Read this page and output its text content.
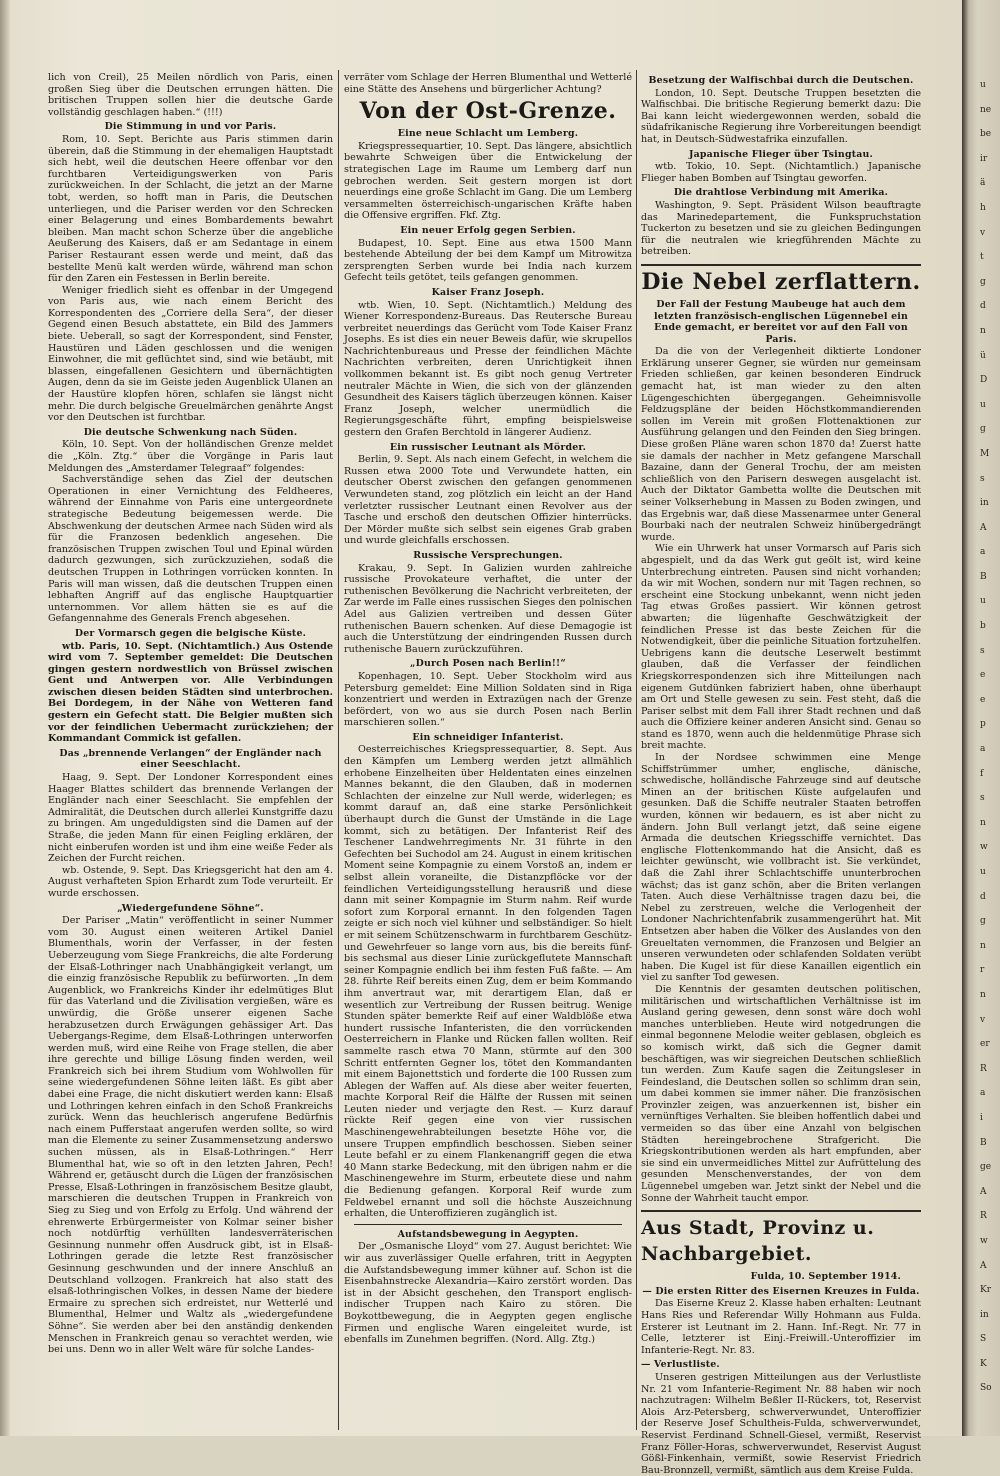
lich von Creil), 25 Meilen nördlich von Paris, einen großen Sieg über die Deutschen errungen hätten. Die britischen Truppen sollen hier die deutsche Garde vollständig geschlagen haben.“ (!!!)

Die Stimmung in und vor Paris.

Rom, 10. Sept. Berichte aus Paris stimmen darin überein, daß die Stimmung in der ehemaligen Hauptstadt sich hebt, weil die deutschen Heere offenbar vor den furchtbaren Verteidigungswerken von Paris zurückweichen. In der Schlacht, die jetzt an der Marne tobt, werden, so hofft man in Paris, die Deutschen unterliegen, und die Pariser werden vor den Schrecken einer Belagerung und eines Bombardements bewahrt bleiben. Man macht schon Scherze über die angebliche Aeußerung des Kaisers, daß er am Sedantage in einem Pariser Restaurant essen werde und meint, daß das bestellte Menü kalt werden würde, während man schon für den Zaren ein Festessen in Berlin bereite.

Weniger friedlich sieht es offenbar in der Umgegend von Paris aus, wie nach einem Bericht des Korrespondenten des „Corriere della Sera“, der dieser Gegend einen Besuch abstattete, ein Bild des Jammers biete. Ueberall, so sagt der Korrespondent, sind Fenster, Haustüren und Läden geschlossen und die wenigen Einwohner, die mit geflüchtet sind, sind wie betäubt, mit blassen, eingefallenen Gesichtern und übernächtigten Augen, denn da sie im Geiste jeden Augenblick Ulanen an der Haustüre klopfen hören, schlafen sie längst nicht mehr. Die durch belgische Greuelmärchen genährte Angst vor den Deutschen ist furchtbar.

Die deutsche Schwenkung nach Süden.

Köln, 10. Sept. Von der holländischen Grenze meldet die „Köln. Ztg.“ über die Vorgänge in Paris laut Meldungen des „Amsterdamer Telegraaf“ folgendes:

Sachverständige sehen das Ziel der deutschen Operationen in einer Vernichtung des Feldheeres, während der Einnahme von Paris eine untergeordnete strategische Bedeutung beigemessen werde. Die Abschwenkung der deutschen Armee nach Süden wird als für die Franzosen bedenklich angesehen. Die französischen Truppen zwischen Toul und Epinal würden dadurch gezwungen, sich zurückzuziehen, sodaß die deutschen Truppen in Lothringen vorrücken konnten. In Paris will man wissen, daß die deutschen Truppen einen lebhaften Angriff auf das englische Hauptquartier unternommen. Vor allem hätten sie es auf die Gefangennahme des Generals French abgesehen.

Der Vormarsch gegen die belgische Küste.

wtb. Paris, 10. Sept. (Nichtamtlich.) Aus Ostende wird vom 7. September gemeldet: Die Deutschen gingen gestern nordwestlich von Brüssel zwischen Gent und Antwerpen vor. Alle Verbindungen zwischen diesen beiden Städten sind unterbrochen. Bei Dordegem, in der Nähe von Wetteren fand gestern ein Gefecht statt. Die Belgier mußten sich vor der feindlichen Uebermacht zurückziehen; der Kommandant Commick ist gefallen.

Das „brennende Verlangen“ der Engländer nach einer Seeschlacht.

Haag, 9. Sept. Der Londoner Korrespondent eines Haager Blattes schildert das brennende Verlangen der Engländer nach einer Seeschlacht. Sie empfehlen der Admiralität, die Deutschen durch allerlei Kunstgriffe dazu zu bringen. Am ungeduldigsten sind die Damen auf der Straße, die jeden Mann für einen Feigling erklären, der nicht einberufen worden ist und ihm eine weiße Feder als Zeichen der Furcht reichen.

wb. Ostende, 9. Sept. Das Kriegsgericht hat den am 4. August verhafteten Spion Erhardt zum Tode verurteilt. Er wurde erschossen.

„Wiedergefundene Söhne“.

Der Pariser „Matin“ veröffentlicht in seiner Nummer vom 30. August einen weiteren Artikel Daniel Blumenthals, worin der Verfasser, in der festen Ueberzeugung vom Siege Frankreichs, die alte Forderung der Elsaß-Lothringer nach Unabhängigkeit verlangt, um die einzig französische Republik zu befürworten. „In dem Augenblick, wo Frankreichs Kinder ihr edelmütiges Blut für das Vaterland und die Zivilisation vergießen, wäre es unwürdig, die Größe unserer eigenen Sache herabzusetzen durch Erwägungen gehässiger Art. Das Uebergangs-Regime, dem Elsaß-Lothringen unterworfen werden muß, wird eine Reihe von Frage stellen, die aber ihre gerechte und billige Lösung finden werden, weil Frankreich sich bei ihrem Studium vom Wohlwollen für seine wiedergefundenen Söhne leiten läßt. Es gibt aber dabei eine Frage, die nicht diskutiert werden kann: Elsaß und Lothringen kehren einfach in den Schoß Frankreichs zurück. Wenn das heuchlerisch angerufene Bedürfnis nach einem Pufferstaat angerufen werden sollte, so wird man die Elemente zu seiner Zusammensetzung anderswo suchen müssen, als in Elsaß-Lothringen.“ Herr Blumenthal hat, wie so oft in den letzten Jahren, Pech! Während er, getäuscht durch die Lügen der französischen Presse, Elsaß-Lothringen in französischem Besitze glaubt, marschieren die deutschen Truppen in Frankreich von Sieg zu Sieg und von Erfolg zu Erfolg. Und während der ehrenwerte Erbürgermeister von Kolmar seiner bisher noch notdürftig verhüllten landesverräterischen Gesinnung nunmehr offen Ausdruck gibt, ist in Elsaß-Lothringen gerade die letzte Rest französischer Gesinnung geschwunden und der innere Anschluß an Deutschland vollzogen. Frankreich hat also statt des elsaß-lothringischen Volkes, in dessen Name der biedere Ermaire zu sprechen sich erdreistet, nur Wetterlé und Blumenthal, Helmer und Waltz als „wiedergefundene Söhne“. Sie werden aber bei den anständig denkenden Menschen in Frankreich genau so verachtet werden, wie bei uns. Denn wo in aller Welt wäre für solche Landes-

verräter vom Schlage der Herren Blumenthal und Wetterlé eine Stätte des Ansehens und bürgerlicher Achtung?

Von der Ost-Grenze.
Eine neue Schlacht um Lemberg.

Kriegspressequartier, 10. Sept. Das längere, absichtlich bewahrte Schweigen über die Entwickelung der strategischen Lage im Raume um Lemberg darf nun gebrochen werden. Seit gestern morgen ist dort neuerdings eine große Schlacht im Gang. Die um Lemberg versammelten österreichisch-ungarischen Kräfte haben die Offensive ergriffen. Fkf. Ztg.

Ein neuer Erfolg gegen Serbien.

Budapest, 10. Sept. Eine aus etwa 1500 Mann bestehende Abteilung der bei dem Kampf um Mitrowitza zersprengten Serben wurde bei India nach kurzem Gefecht teils getötet, teils gefangen genommen.

Kaiser Franz Joseph.

wtb. Wien, 10. Sept. (Nichtamtlich.) Meldung des Wiener Korrespondenz-Bureaus. Das Reutersche Bureau verbreitet neuerdings das Gerücht vom Tode Kaiser Franz Josephs. Es ist dies ein neuer Beweis dafür, wie skrupellos Nachrichtenbureaus und Presse der feindlichen Mächte Nachrichten verbreiten, deren Unrichtigkeit ihnen vollkommen bekannt ist. Es gibt noch genug Vertreter neutraler Mächte in Wien, die sich von der glänzenden Gesundheit des Kaisers täglich überzeugen können. Kaiser Franz Joseph, welcher unermüdlich die Regierungsgeschäfte führt, empfing beispielsweise gestern den Grafen Berchtold in längerer Audienz.

Ein russischer Leutnant als Mörder.

Berlin, 9. Sept. Als nach einem Gefecht, in welchem die Russen etwa 2000 Tote und Verwundete hatten, ein deutscher Oberst zwischen den gefangen genommenen Verwundeten stand, zog plötzlich ein leicht an der Hand verletzter russischer Leutnant einen Revolver aus der Tasche und erschoß den deutschen Offizier hinterrücks. Der Mörder mußte sich selbst sein eigenes Grab graben und wurde gleichfalls erschossen.

Russische Versprechungen.

Krakau, 9. Sept. In Galizien wurden zahlreiche russische Provokateure verhaftet, die unter der ruthenischen Bevölkerung die Nachricht verbreiteten, der Zar werde im Falle eines russischen Sieges den polnischen Adel aus Galizien vertreiben und dessen Güter ruthenischen Bauern schenken. Auf diese Demagogie ist auch die Unterstützung der eindringenden Russen durch ruthenische Bauern zurückzuführen.

„Durch Posen nach Berlin!!“

Kopenhagen, 10. Sept. Ueber Stockholm wird aus Petersburg gemeldet: Eine Million Soldaten sind in Riga konzentriert und werden in Extrazügen nach der Grenze befördert, von wo aus sie durch Posen nach Berlin marschieren sollen.“

Ein schneidiger Infanterist.

Oesterreichisches Kriegspressequartier, 8. Sept. Aus den Kämpfen um Lemberg werden jetzt allmählich erhobene Einzelheiten über Heldentaten eines einzelnen Mannes bekannt, die den Glauben, daß in modernen Schlachten der einzelne zur Null werde, widerlegen; es kommt darauf an, daß eine starke Persönlichkeit überhaupt durch die Gunst der Umstände in die Lage kommt, sich zu betätigen. Der Infanterist Reif des Teschener Landwehrregiments Nr. 31 führte in den Gefechten bei Suchodol am 24. August in einem kritischen Moment seine Kompagnie zu einem Vorstoß an, indem er selbst allein voraneilte, die Distanzpflöcke vor der feindlichen Verteidigungsstellung herausriß und diese dann mit seiner Kompagnie im Sturm nahm. Reif wurde sofort zum Korporal ernannt. In den folgenden Tagen zeigte er sich noch viel kühner und selbständiger. So hielt er mit seinem Schützenschwarm in furchtbarem Geschütz- und Gewehrfeuer so lange vorn aus, bis die bereits fünf- bis sechsmal aus dieser Linie zurückgeflutete Mannschaft seiner Kompagnie endlich bei ihm festen Fuß faßte. — Am 28. führte Reif bereits einen Zug, dem er beim Kommando ihm anvertraut war, mit derartigem Elan, daß er wesentlich zur Vertreibung der Russen beitrug. Wenige Stunden später bemerkte Reif auf einer Waldblöße etwa hundert russische Infanteristen, die den vorrückenden Oesterreichern in Flanke und Rücken fallen wollten. Reif sammelte rasch etwa 70 Mann, stürmte auf den 300 Schritt entfernten Gegner los, tötet den Kommandanten mit einem Bajonettstich und forderte die 100 Russen zum Ablegen der Waffen auf. Als diese aber weiter feuerten, machte Korporal Reif die Hälfte der Russen mit seinen Leuten nieder und verjagte den Rest. — Kurz darauf rückte Reif gegen eine von vier russischen Maschinengewehrabteilungen besetzte Höhe vor, die unsere Truppen empfindlich beschossen. Sieben seiner Leute befahl er zu einem Flankenangriff gegen die etwa 40 Mann starke Bedeckung, mit den übrigen nahm er die Maschinengewehre im Sturm, erbeutete diese und nahm die Bedienung gefangen. Korporal Reif wurde zum Feldwebel ernannt und soll die höchste Auszeichnung erhalten, die Unteroffizieren zugänglich ist.

Aufstandsbewegung in Aegypten.

Der „Osmanische Lloyd“ vom 27. August berichtet: Wie wir aus zuverlässiger Quelle erfahren, tritt in Aegypten die Aufstandsbewegung immer kühner auf. Schon ist die Eisenbahnstrecke Alexandria—Kairo zerstört worden. Das ist in der Absicht geschehen, den Transport englisch-indischer Truppen nach Kairo zu stören. Die Boykottbewegung, die in Aegypten gegen englische Firmen und englische Waren eingeleitet wurde, ist ebenfalls im Zunehmen begriffen. (Nord. Allg. Ztg.)

Besetzung der Walfischbai durch die Deutschen.

London, 10. Sept. Deutsche Truppen besetzten die Walfischbai. Die britische Regierung bemerkt dazu: Die Bai kann leicht wiedergewonnen werden, sobald die südafrikanische Regierung ihre Vorbereitungen beendigt hat, in Deutsch-Südwestafrika einzufallen.

Japanische Flieger über Tsingtau.

wtb. Tokio, 10. Sept. (Nichtamtlich.) Japanische Flieger haben Bomben auf Tsingtau geworfen.

Die drahtlose Verbindung mit Amerika.

Washington, 9. Sept. Präsident Wilson beauftragte das Marinedepartement, die Funkspruchstation Tuckerton zu besetzen und sie zu gleichen Bedingungen für die neutralen wie kriegführenden Mächte zu betreiben.

Die Nebel zerflattern.
Der Fall der Festung Maubeuge hat auch dem letzten französisch-englischen Lügennebel ein Ende gemacht, er bereitet vor auf den Fall von Paris.

Da die von der Verlegenheit diktierte Londoner Erklärung unserer Gegner, sie würden nur gemeinsam Frieden schließen, gar keinen besonderen Eindruck gemacht hat, ist man wieder zu den alten Lügengeschichten übergegangen. Geheimnisvolle Feldzugspläne der beiden Höchstkommandierenden sollen im Verein mit großen Flottenaktionen zur Ausführung gelangen und den Feinden den Sieg bringen. Diese großen Pläne waren schon 1870 da! Zuerst hatte sie damals der nachher in Metz gefangene Marschall Bazaine, dann der General Trochu, der am meisten schließlich von den Parisern deswegen ausgelacht ist. Auch der Diktator Gambetta wollte die Deutschen mit seiner Volkserhebung in Massen zu Boden zwingen, und das Ergebnis war, daß diese Massenarmee unter General Bourbaki nach der neutralen Schweiz hinübergedrängt wurde.

Wie ein Uhrwerk hat unser Vormarsch auf Paris sich abgespielt, und da das Werk gut geölt ist, wird keine Unterbrechung eintreten. Pausen sind nicht vorhanden; da wir mit Wochen, sondern nur mit Tagen rechnen, so erscheint eine Stockung unbekannt, wenn nicht jeden Tag etwas Großes passiert. Wir können getrost abwarten; die lügenhafte Geschwätzigkeit der feindlichen Presse ist das beste Zeichen für die Notwendigkeit, über die peinliche Situation fortzuhelfen. Uebrigens kann die deutsche Leserwelt bestimmt glauben, daß die Verfasser der feindlichen Kriegskorrespondenzen sich ihre Mitteilungen nach eigenem Gutdünken fabriziert haben, ohne überhaupt am Ort und Stelle gewesen zu sein. Fest steht, daß die Pariser selbst mit dem Fall ihrer Stadt rechnen und daß auch die Offiziere keiner anderen Ansicht sind. Genau so stand es 1870, wenn auch die heldenmütige Phrase sich breit machte.

In der Nordsee schwimmen eine Menge Schiffstrümmer umher, englische, dänische, schwedische, holländische Fahrzeuge sind auf deutsche Minen an der britischen Küste aufgelaufen und gesunken. Daß die Schiffe neutraler Staaten betroffen wurden, können wir bedauern, es ist aber nicht zu ändern. John Bull verlangt jetzt, daß seine eigene Armada die deutschen Kriegsschiffe vernichtet. Das englische Flottenkommando hat die Ansicht, daß es leichter gewünscht, wie vollbracht ist. Sie verkündet, daß die Zahl ihrer Schlachtschiffe ununterbrochen wächst; das ist ganz schön, aber die Briten verlangen Taten. Auch diese Verhältnisse tragen dazu bei, die Nebel zu zerstreuen, welche die Verlogenheit der Londoner Nachrichtenfabrik zusammengerührt hat. Mit Entsetzen aber haben die Völker des Auslandes von den Greueltaten vernommen, die Franzosen und Belgier an unseren verwundeten oder schlafenden Soldaten verübt haben. Die Kugel ist für diese Kanaillen eigentlich ein viel zu sanfter Tod gewesen.

Die Kenntnis der gesamten deutschen politischen, militärischen und wirtschaftlichen Verhältnisse ist im Ausland gering gewesen, denn sonst wäre doch wohl manches unterblieben. Heute wird notgedrungen die einmal begonnene Melodie weiter geblasen, obgleich es so komisch wirkt, daß sich die Gegner damit beschäftigen, was wir siegreichen Deutschen schließlich tun werden. Zum Kaufe sagen die Zeitungsleser in Feindesland, die Deutschen sollen so schlimm dran sein, um dabei kommen sie immer näher. Die französischen Provinzler zeigen, was anzuerkennen ist, bisher ein vernünftiges Verhalten. Sie bleiben hoffentlich dabei und vermeiden so das über eine Anzahl von belgischen Städten hereingebrochene Strafgericht. Die Kriegskontributionen werden als hart empfunden, aber sie sind ein unvermeidliches Mittel zur Aufrüttelung des gesunden Menschenverstandes, der von dem Lügennebel umgeben war. Jetzt sinkt der Nebel und die Sonne der Wahrheit taucht empor.

Aus Stadt, Provinz u. Nachbargebiet.
Fulda, 10. September 1914.
— Die ersten Ritter des Eisernen Kreuzes in Fulda.

Das Eiserne Kreuz 2. Klasse haben erhalten: Leutnant Hans Ries und Referendar Willy Hohmann aus Fulda. Ersterer ist Leutnant im 2. Hann. Inf.-Regt. Nr. 77 in Celle, letzterer ist Einj.-Freiwill.-Unteroffizier im Infanterie-Regt. Nr. 83.

— Verlustliste.

Unseren gestrigen Mitteilungen aus der Verlustliste Nr. 21 vom Infanterie-Regiment Nr. 88 haben wir noch nachzutragen: Wilhelm Beßler II-Rückers, tot, Reservist Alois Arz-Petersberg, schwerverwundet, Unteroffizier der Reserve Josef Schultheis-Fulda, schwerverwundet, Reservist Ferdinand Schnell-Giesel, vermißt, Reservist Franz Föller-Horas, schwerverwundet, Reservist August Gößl-Finkenhain, vermißt, sowie Reservist Friedrich Bau-Bronnzell, vermißt, sämtlich aus dem Kreise Fulda.

u
ne
be
ir
ä
h
v
t
g
d
n
ü
D
u
g
M
s
in
A
a
B
u
b
s
e
e
p
a
f
s
n
w
u
d
g
n
r
n
v
er
R
a
i
B
ge
A
R
w
A
Kr
in
S
K
So
